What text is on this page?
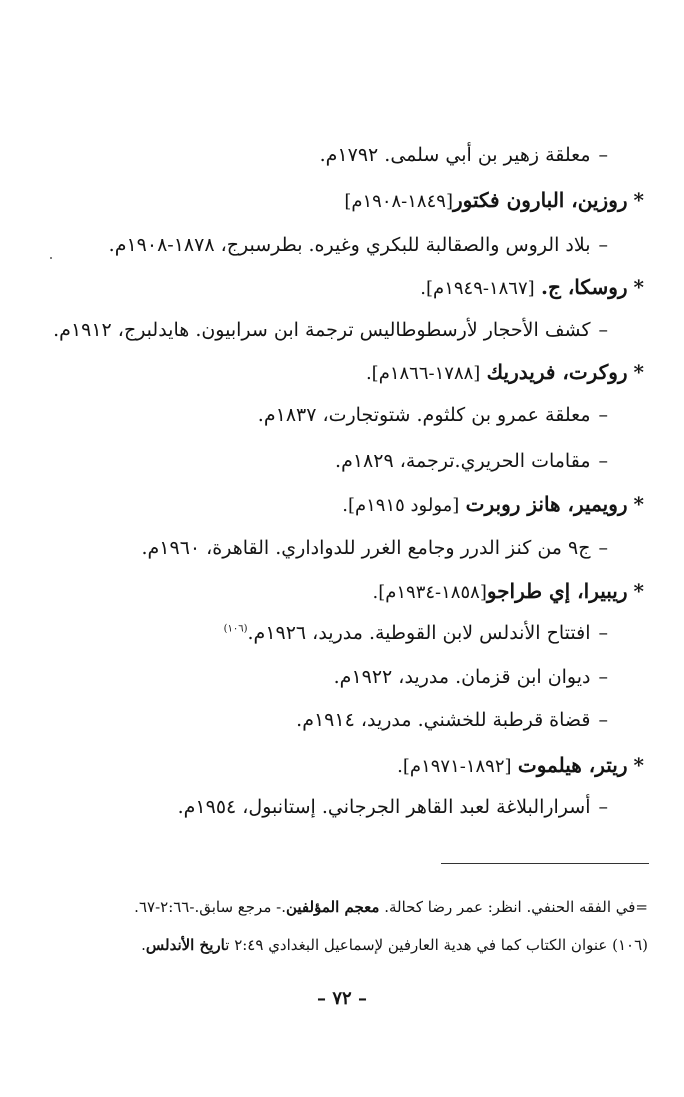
–معلقة زهير بن أبي سلمى. ١٧٩٢م.
*روزين، البارون فكتور[١٨٤٩-١٩٠٨م]
–بلاد الروس والصقالبة للبكري وغيره. بطرسبرج، ١٨٧٨-١٩٠٨م.
*روسكا، ج. [١٨٦٧-١٩٤٩م].
–كشف الأحجار لأرسطوطاليس ترجمة ابن سرابيون. هايدلبرج، ١٩١٢م.
*روكرت، فريدريك [١٧٨٨-١٨٦٦م].
–معلقة عمرو بن كلثوم. شتوتجارت، ١٨٣٧م.
–مقامات الحريري.ترجمة، ١٨٢٩م.
*رويمير، هانز روبرت [مولود ١٩١٥م].
–ج٩ من كنز الدرر وجامع الغرر للدواداري. القاهرة، ١٩٦٠م.
*ريبيرا، إي طراجو[١٨٥٨-١٩٣٤م].
–افتتاح الأندلس لابن القوطية. مدريد، ١٩٢٦م.$^{(١٠٦)}$
–ديوان ابن قزمان. مدريد، ١٩٢٢م.
–قضاة قرطبة للخشني. مدريد، ١٩١٤م.
*ريتر، هيلموت [١٨٩٢-١٩٧١م].
–أسرارالبلاغة لعبد القاهر الجرجاني. إستانبول، ١٩٥٤م.
=في الفقه الحنفي. انظر: عمر رضا كحالة. معجم المؤلفين.- مرجع سابق.-٢:٦٦-٦٧.
(١٠٦) عنوان الكتاب كما في هدية العارفين لإسماعيل البغدادي ٢:٤٩ تاريخ الأندلس.
– ٧٢ –
